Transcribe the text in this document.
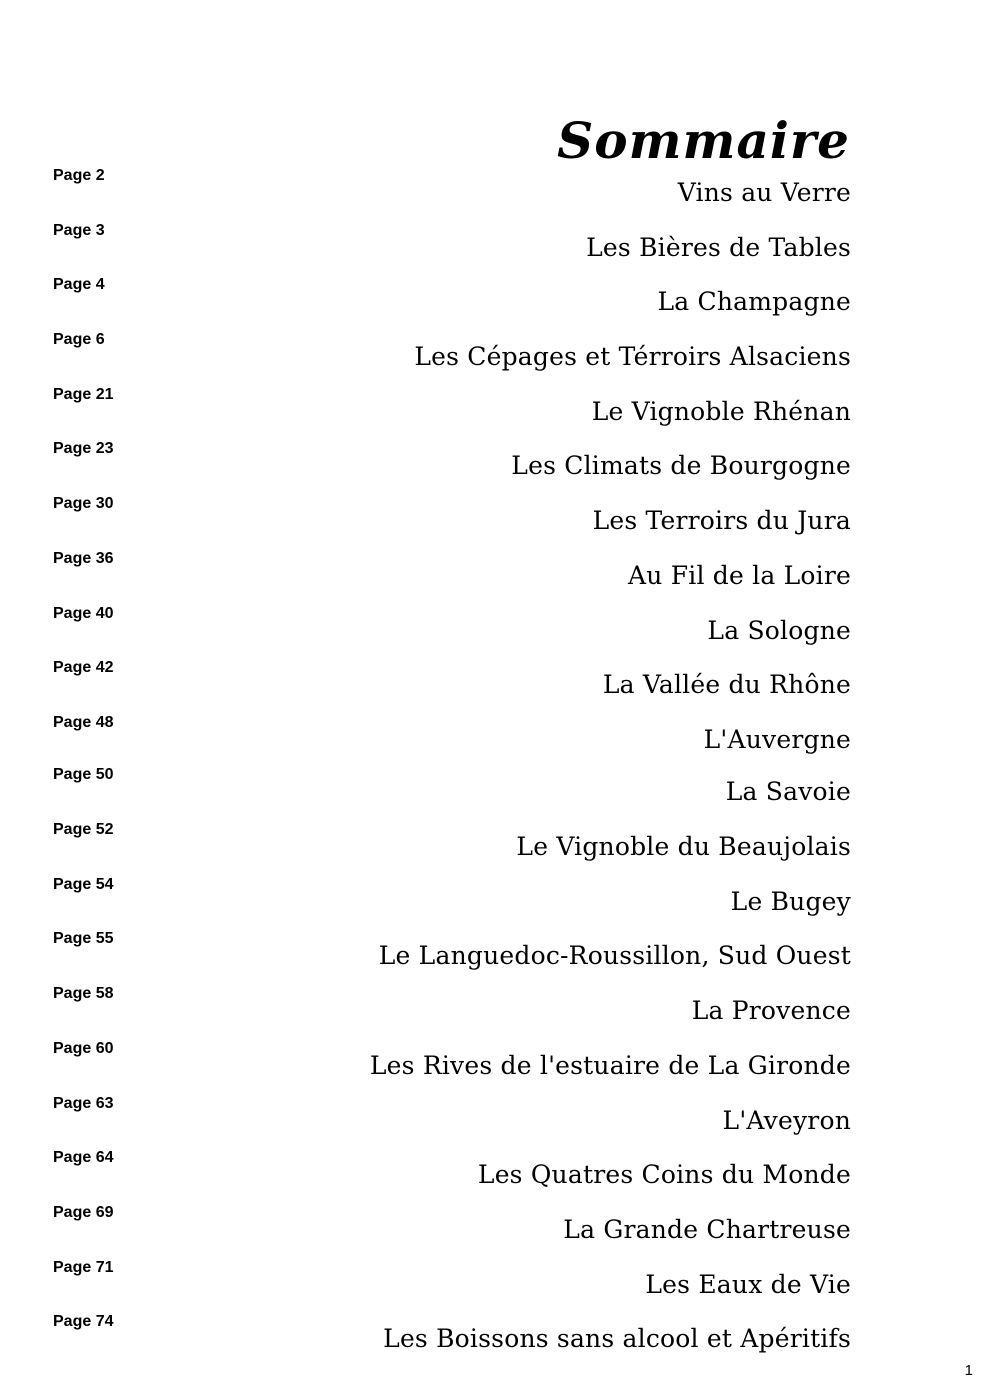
Sommaire
Page 2
Vins au Verre
Page 3
Les Bières de Tables
Page 4
La Champagne
Page 6
Les Cépages et Térroirs Alsaciens
Page 21
Le Vignoble Rhénan
Page 23
Les Climats de Bourgogne
Page 30
Les Terroirs du Jura
Page 36
Au Fil de la Loire
Page 40
La Sologne
Page 42
La Vallée du Rhône
Page 48
L'Auvergne
Page 50
La Savoie
Page 52
Le Vignoble du Beaujolais
Page 54
Le Bugey
Page 55
Le Languedoc-Roussillon, Sud Ouest
Page 58
La Provence
Page 60
Les Rives de l'estuaire de La Gironde
Page 63
L'Aveyron
Page 64
Les Quatres Coins du Monde
Page 69
La Grande Chartreuse
Page 71
Les Eaux de Vie
Page 74
Les Boissons sans alcool et Apéritifs
1
